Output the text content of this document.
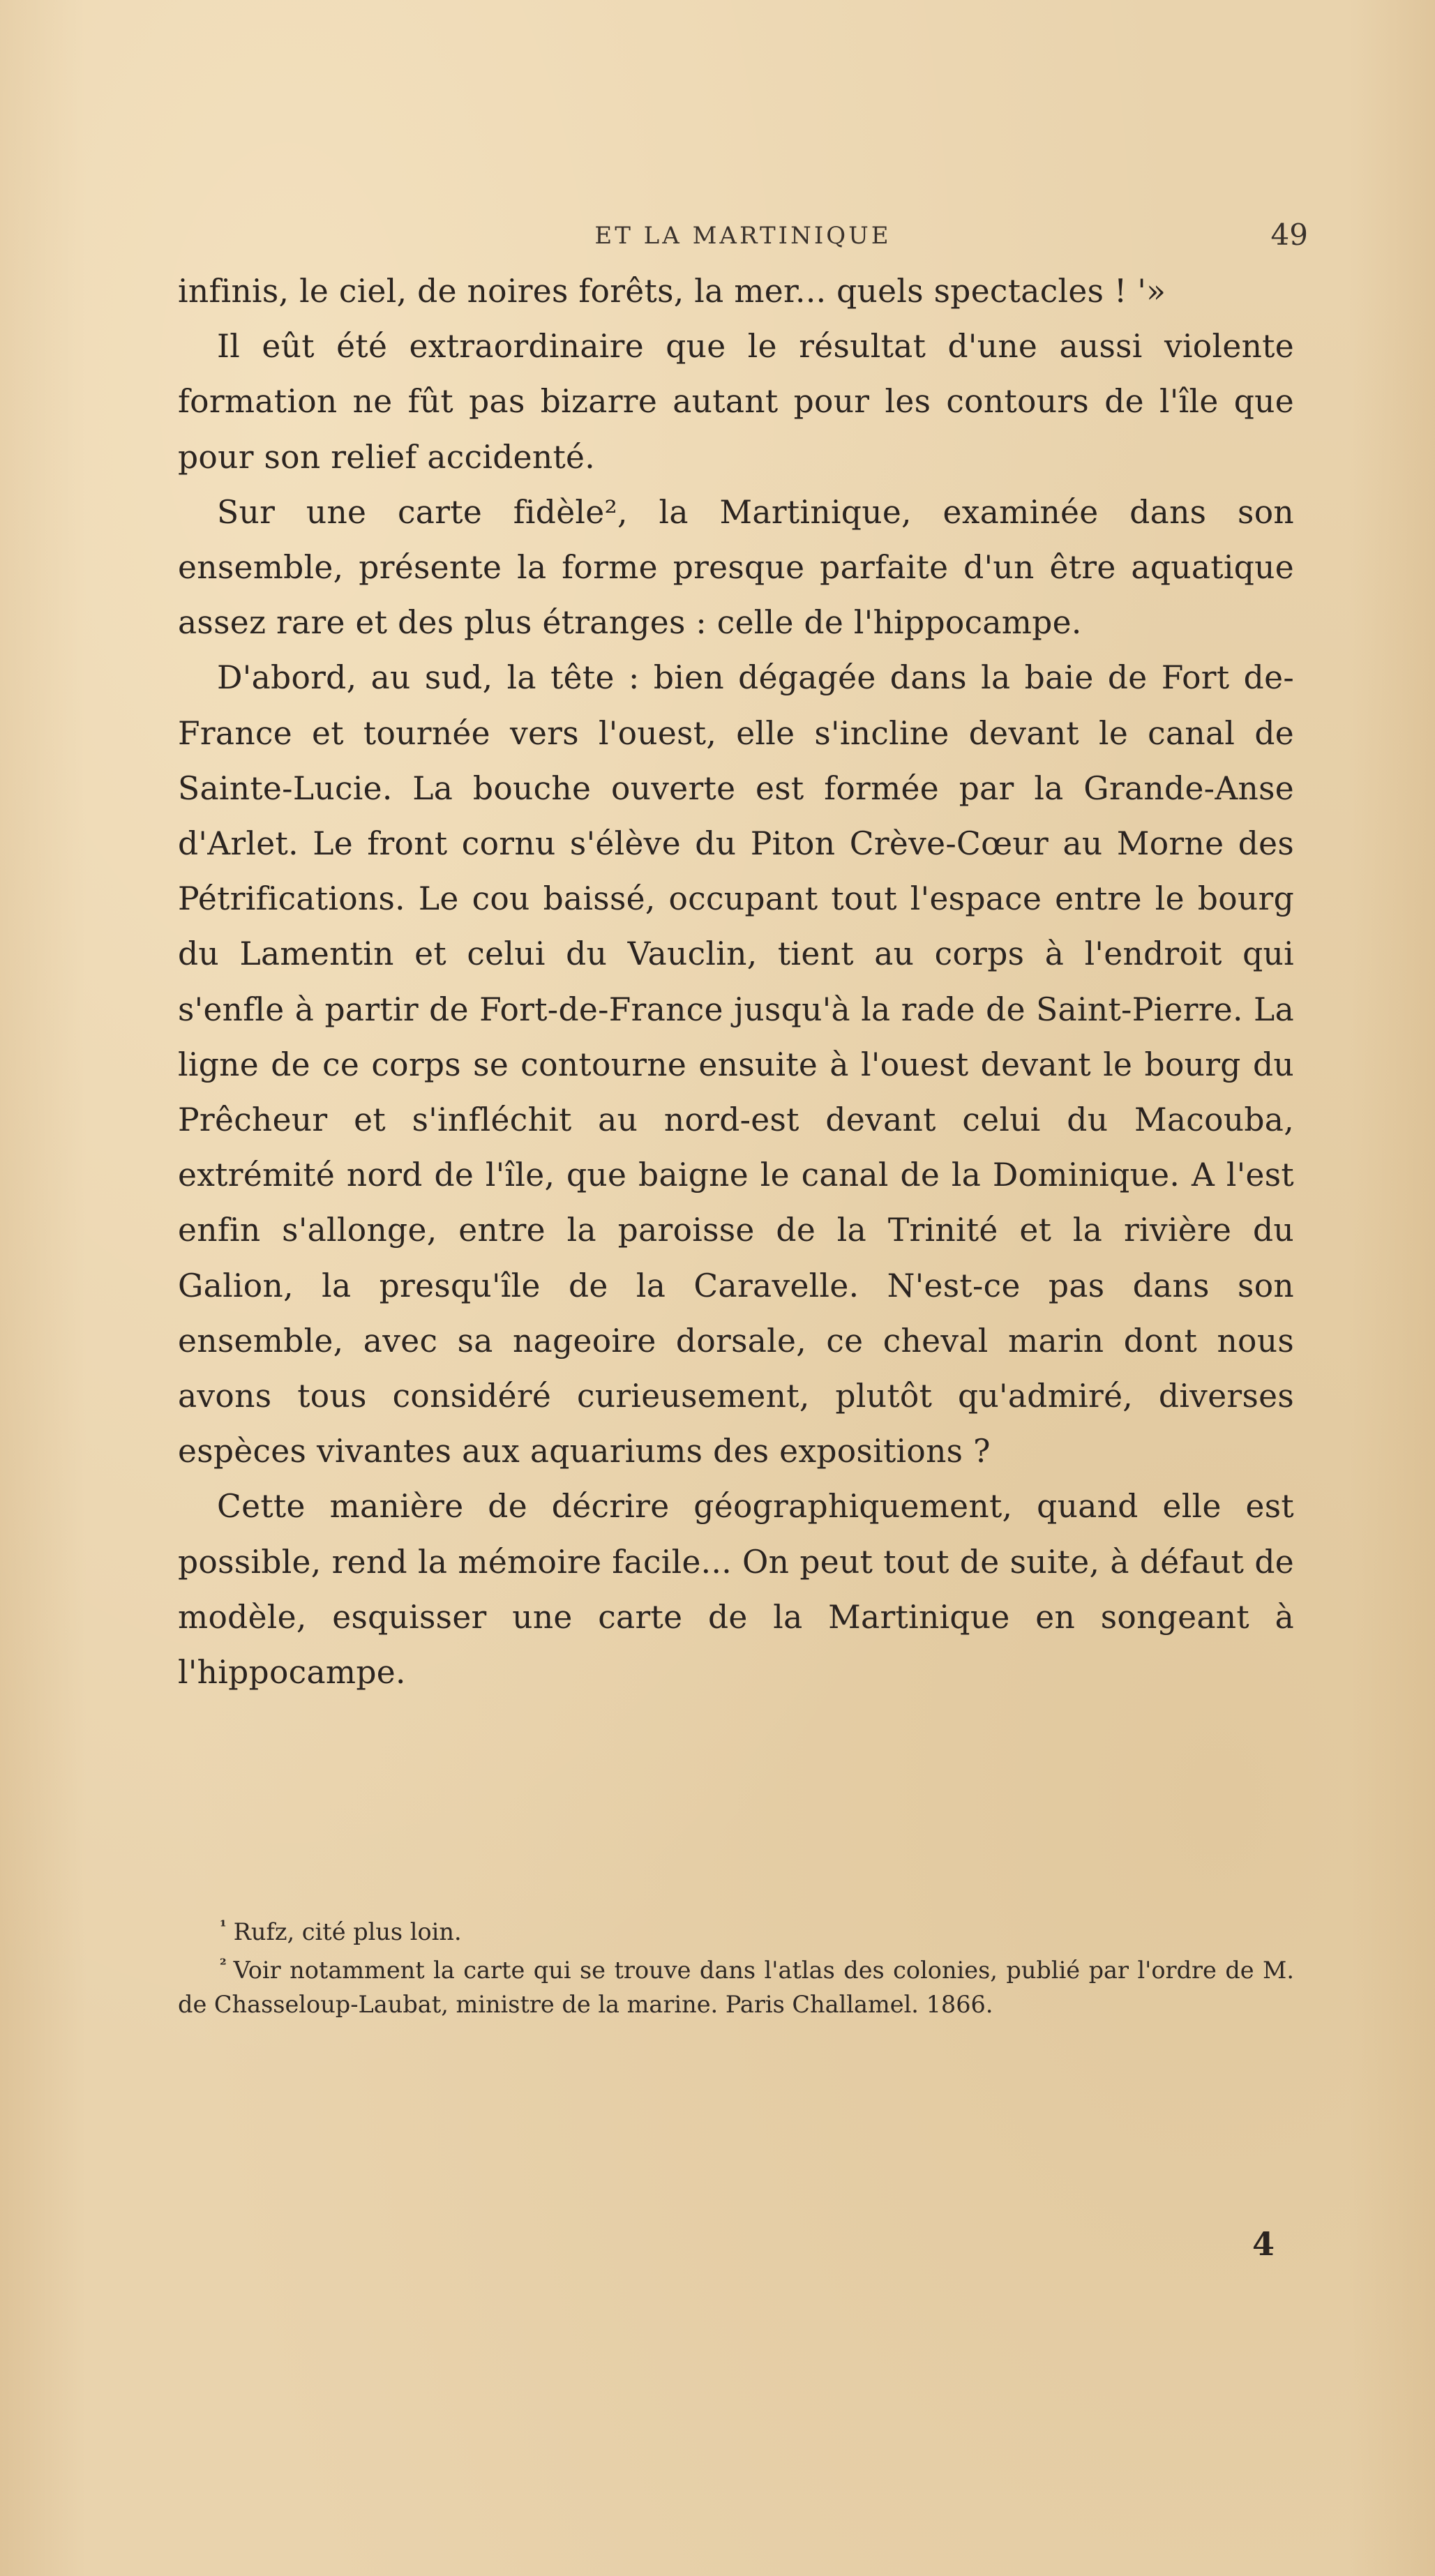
ET LA MARTINIQUE	49

infinis, le ciel, de noires forêts, la mer... quels spectacles ! '»

Il eût été extraordinaire que le résultat d'une aussi violente formation ne fût pas bizarre autant pour les contours de l'île que pour son relief accidenté.

Sur une carte fidèle², la Martinique, examinée dans son ensemble, présente la forme presque parfaite d'un être aquatique assez rare et des plus étranges : celle de l'hippocampe.

D'abord, au sud, la tête : bien dégagée dans la baie de Fort de-France et tournée vers l'ouest, elle s'incline devant le canal de Sainte-Lucie. La bouche ouverte est formée par la Grande-Anse d'Arlet. Le front cornu s'élève du Piton Crève-Cœur au Morne des Pétrifications. Le cou baissé, occupant tout l'espace entre le bourg du Lamentin et celui du Vauclin, tient au corps à l'endroit qui s'enfle à partir de Fort-de-France jusqu'à la rade de Saint-Pierre. La ligne de ce corps se contourne ensuite à l'ouest devant le bourg du Prêcheur et s'infléchit au nord-est devant celui du Macouba, extrémité nord de l'île, que baigne le canal de la Dominique. A l'est enfin s'allonge, entre la paroisse de la Trinité et la rivière du Galion, la presqu'île de la Caravelle. N'est-ce pas dans son ensemble, avec sa nageoire dorsale, ce cheval marin dont nous avons tous considéré curieusement, plutôt qu'admiré, diverses espèces vivantes aux aquariums des expositions ?

Cette manière de décrire géographiquement, quand elle est possible, rend la mémoire facile... On peut tout de suite, à défaut de modèle, esquisser une carte de la Martinique en songeant à l'hippocampe.

$^{^1}$ Rufz, cité plus loin.

$^{^2}$ Voir notamment la carte qui se trouve dans l'atlas des colonies, publié par l'ordre de M. de Chasseloup-Laubat, ministre de la marine. Paris Challamel. 1866.

4
